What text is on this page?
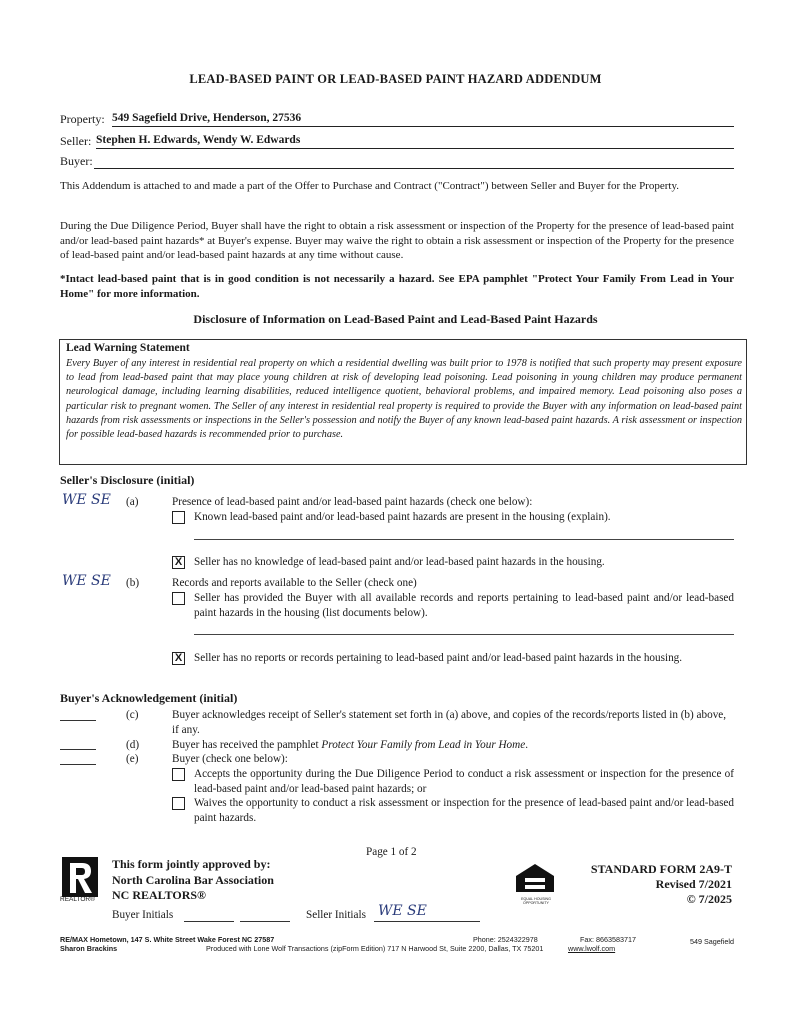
LEAD-BASED PAINT OR LEAD-BASED PAINT HAZARD ADDENDUM
Property: 549 Sagefield Drive, Henderson, 27536
Seller: Stephen H. Edwards, Wendy W. Edwards
Buyer:
This Addendum is attached to and made a part of the Offer to Purchase and Contract ("Contract") between Seller and Buyer for the Property.
During the Due Diligence Period, Buyer shall have the right to obtain a risk assessment or inspection of the Property for the presence of lead-based paint and/or lead-based paint hazards* at Buyer's expense. Buyer may waive the right to obtain a risk assessment or inspection of the Property for the presence of lead-based paint and/or lead-based paint hazards at any time without cause.
*Intact lead-based paint that is in good condition is not necessarily a hazard. See EPA pamphlet "Protect Your Family From Lead in Your Home" for more information.
Disclosure of Information on Lead-Based Paint and Lead-Based Paint Hazards
Lead Warning Statement
Every Buyer of any interest in residential real property on which a residential dwelling was built prior to 1978 is notified that such property may present exposure to lead from lead-based paint that may place young children at risk of developing lead poisoning. Lead poisoning in young children may produce permanent neurological damage, including learning disabilities, reduced intelligence quotient, behavioral problems, and impaired memory. Lead poisoning also poses a particular risk to pregnant women. The Seller of any interest in residential real property is required to provide the Buyer with any information on lead-based paint hazards from risk assessments or inspections in the Seller's possession and notify the Buyer of any known lead-based paint hazards. A risk assessment or inspection for possible lead-based hazards is recommended prior to purchase.
Seller's Disclosure (initial)
WE SE (a)	Presence of lead-based paint and/or lead-based paint hazards (check one below):
Known lead-based paint and/or lead-based paint hazards are present in the housing (explain).
X Seller has no knowledge of lead-based paint and/or lead-based paint hazards in the housing.
WE SE (b)	Records and reports available to the Seller (check one)
Seller has provided the Buyer with all available records and reports pertaining to lead-based paint and/or lead-based paint hazards in the housing (list documents below).
X Seller has no reports or records pertaining to lead-based paint and/or lead-based paint hazards in the housing.
Buyer's Acknowledgement (initial)
(c)	Buyer acknowledges receipt of Seller's statement set forth in (a) above, and copies of the records/reports listed in (b) above, if any.
(d)	Buyer has received the pamphlet Protect Your Family from Lead in Your Home.
(e)	Buyer (check one below):
Accepts the opportunity during the Due Diligence Period to conduct a risk assessment or inspection for the presence of lead-based paint and/or lead-based paint hazards; or
Waives the opportunity to conduct a risk assessment or inspection for the presence of lead-based paint and/or lead-based paint hazards.
Page 1 of 2
REALTOR®
This form jointly approved by:
North Carolina Bar Association
NC REALTORS®	EQUAL HOUSING OPPORTUNITY
STANDARD FORM 2A9-T
Revised 7/2021
© 7/2025
Buyer Initials	Seller Initials WE SE
RE/MAX Hometown, 147 S. White Street Wake Forest NC 27587	Phone: 2524322978	Fax: 8663583717	549 Sagefield
Sharon Brackins	Produced with Lone Wolf Transactions (zipForm Edition) 717 N Harwood St, Suite 2200, Dallas, TX 75201	www.lwolf.com
